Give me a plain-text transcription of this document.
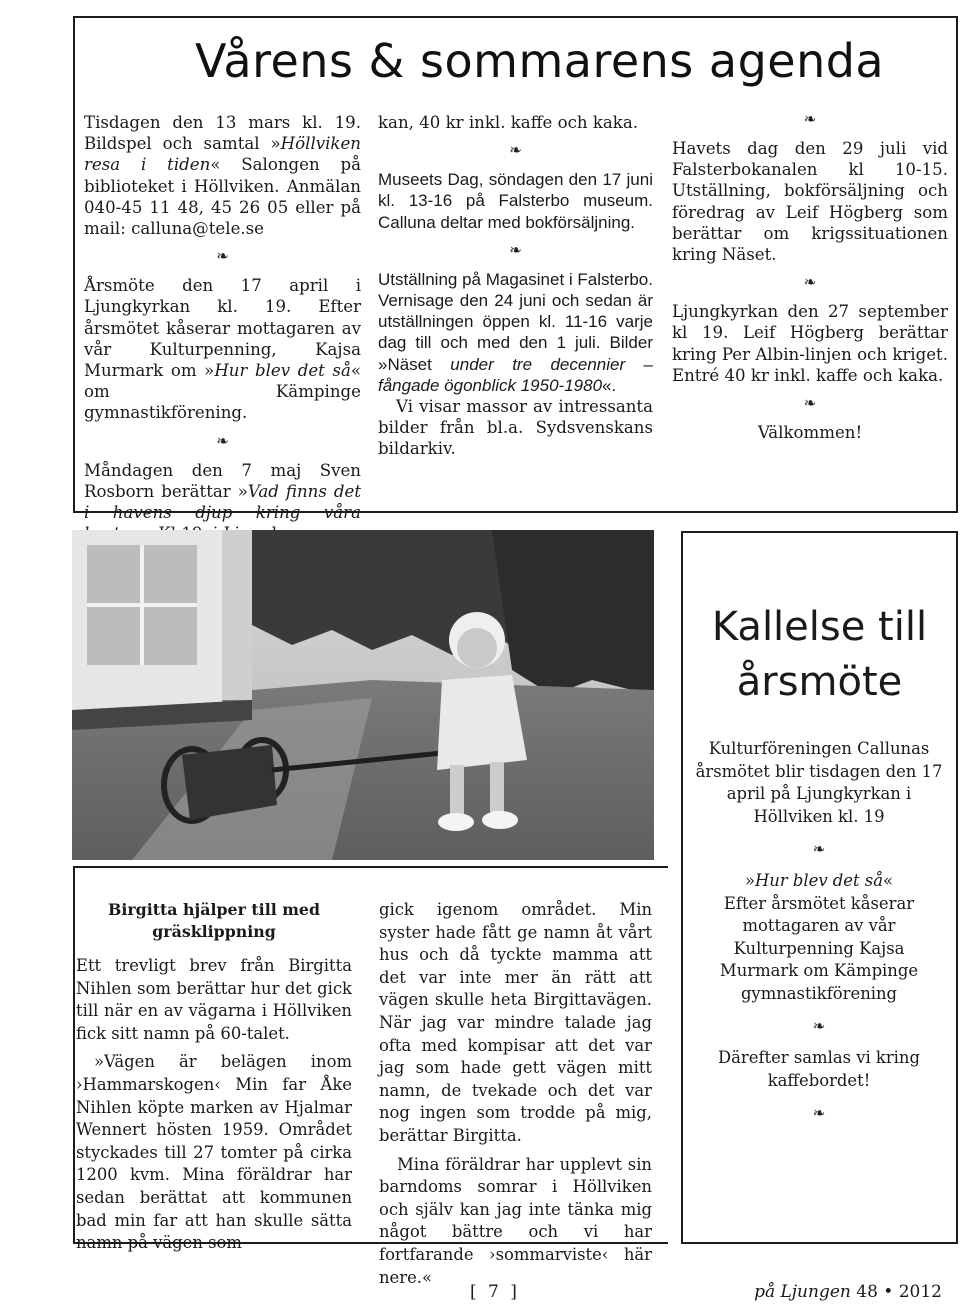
Vårens & sommarens agenda

Tisdagen den 13 mars kl. 19. Bildspel och samtal »Höllviken resa i tiden« Salongen på biblioteket i Höllviken. Anmälan 040-45 11 48, 45 26 05 eller på mail: calluna@tele.se

❧

Årsmöte den 17 april i Ljungkyrkan kl. 19. Efter årsmötet kåserar mottagaren av vår Kulturpenning, Kajsa Murmark om »Hur blev det så« om Kämpinge gymnastikförening.

❧

Måndagen den 7 maj Sven Rosborn berättar »Vad finns det i havens djup kring våra

kan, 40 kr inkl. kaffe och kaka.

❧

Museets Dag, söndagen den 17 juni kl. 13-16 på Falsterbo museum. Calluna deltar med bokförsäljning.

❧

Utställning på Magasinet i Falsterbo. Vernisage den 24 juni och sedan är utställningen öppen kl. 11-16 varje dag till och med den 1 juli. Bilder »Näset under tre decennier – fångade ögonblick 1950-1980«.

Vi visar massor av intressanta bilder från bl.a. Sydsvenskans bildarkiv.

❧

Havets dag den 29 juli vid Falsterbokanalen kl 10-15. Utställning, bokförsäljning och föredrag av Leif Högberg som berättar om krigssituationen kring Näset.

❧

Ljungkyrkan den 27 september kl 19. Leif Högberg berättar kring Per Albin-linjen och kriget. Entré 40 kr inkl. kaffe och kaka.

❧

Välkommen!

Kallelse till
årsmöte

Kulturföreningen Callunas årsmötet blir tisdagen den 17 april på Ljungkyrkan i Höllviken kl. 19

❧

»Hur blev det så«
Efter årsmötet kåserar mottagaren av vår Kulturpenning Kajsa Murmark om Kämpinge gymnastikförening

❧

Därefter samlas vi kring kaffebordet!

❧

Birgitta hjälper till med gräsklippning

Ett trevligt brev från Birgitta Nihlen som berättar hur det gick till när en av vägarna i Höllviken fick sitt namn på 60-talet.

»Vägen är belägen inom ›Hammarskogen‹ Min far Åke Nihlen köpte marken av Hjalmar Wennert hösten 1959. Området styckades till 27 tomter på cirka 1200 kvm. Mina föräldrar har sedan berättat att kommunen bad min far att han skulle sätta namn på vägen som

gick igenom området. Min syster hade fått ge namn åt vårt hus och då tyckte mamma att det var inte mer än rätt att vägen skulle heta Birgittavägen. När jag var mindre talade jag ofta med kompisar att det var jag som hade gett vägen mitt namn, de tvekade och det var nog ingen som trodde på mig, berättar Birgitta.

Mina föräldrar har upplevt sin barndoms somrar i Höllviken och själv kan jag inte tänka mig något bättre och vi har fortfarande ›sommarviste‹ här nere.«

[ 7 ]	på Ljungen 48 • 2012
